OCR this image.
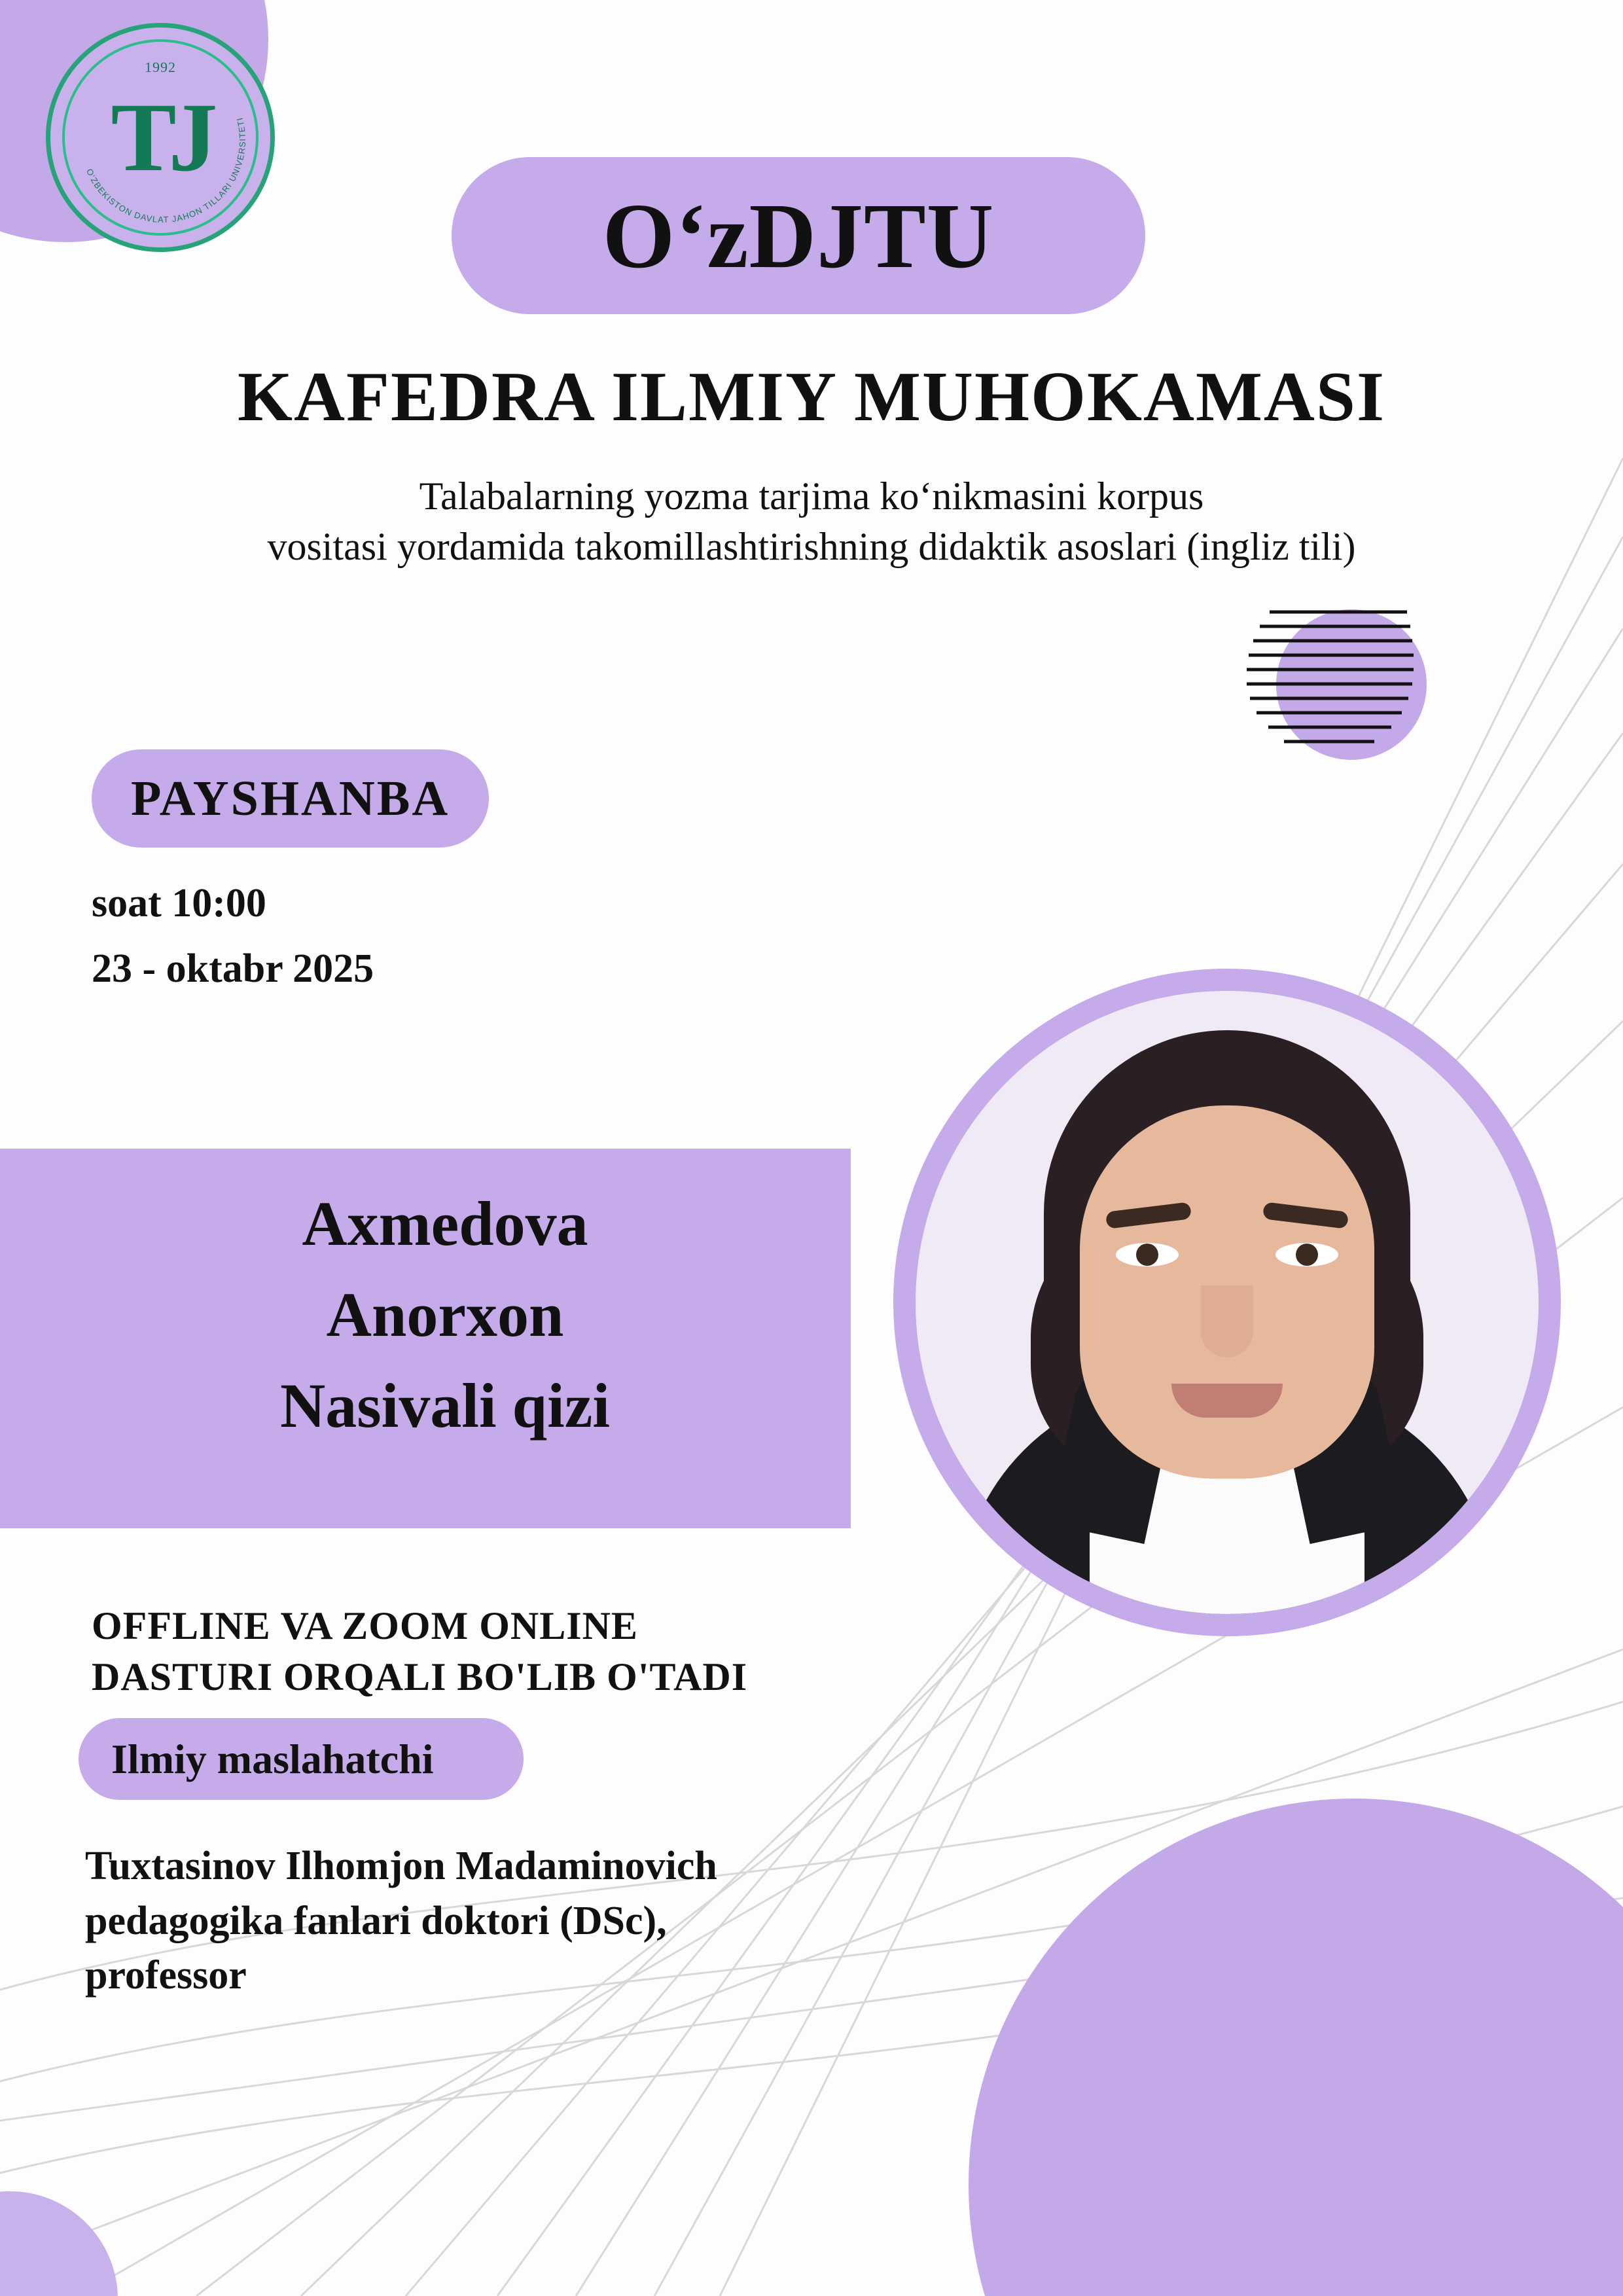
O‘ZBEKISTON DAVLAT JAHON TILLARI UNIVERSITETI
1992
TJ
O‘zDJTU
KAFEDRA ILMIY MUHOKAMASI
Talabalarning yozma tarjima ko‘nikmasini korpus
vositasi yordamida takomillashtirishning didaktik asoslari (ingliz tili)
PAYSHANBA
soat 10:00
23 - oktabr 2025
Axmedova
Anorxon
Nasivali qizi
OFFLINE VA ZOOM ONLINE
DASTURI ORQALI BO'LIB O'TADI
Ilmiy maslahatchi
Tuxtasinov Ilhomjon Madaminovich
pedagogika fanlari doktori (DSc),
professor
